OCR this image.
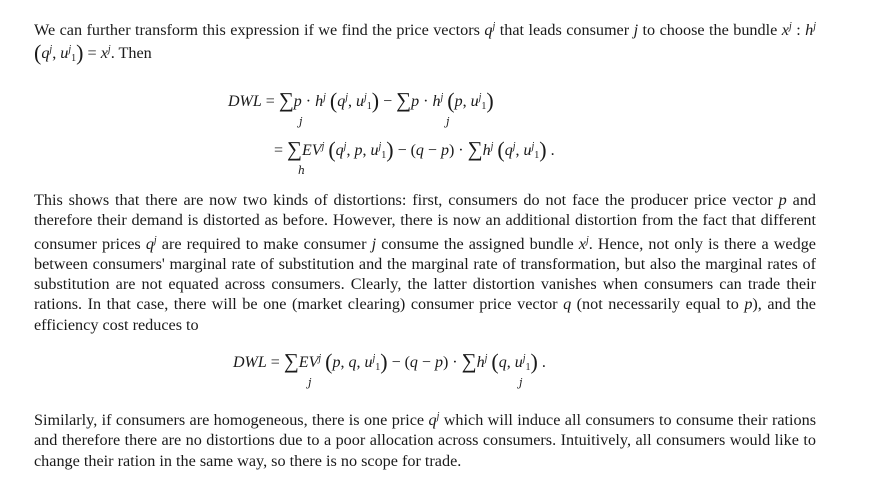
We can further transform this expression if we find the price vectors $q^j$ that leads consumer j to choose the bundle $x^j$ : $h^j$ ($q^j$, $u^j_1) = x^j$. Then

DWL = $\sum p \cdot h^j$ ($q^j$, $u^j_1) - \sum p \cdot h^j$ (p, $u^j_1$)
j	j
= $\sum EV^j$ ($q^j$, p, $u^j_1) - (q - p) \cdot \sum h^j$ ($q^j$, $u^j_1$) .
h

This shows that there are now two kinds of distortions: first, consumers do not face the producer price vector p and therefore their demand is distorted as before. However, there is now an additional distortion from the fact that different consumer prices $q^j$ are required to make consumer j consume the assigned bundle $x^j$. Hence, not only is there a wedge between consumers' marginal rate of substitution and the marginal rate of transformation, but also the marginal rates of substitution are not equated across consumers. Clearly, the latter distortion vanishes when consumers can trade their rations. In that case, there will be one (market clearing) consumer price vector q (not necessarily equal to p), and the efficiency cost reduces to

DWL = $\sum EV^j$ (p, q, $u^j_1) - (q - p) \cdot \sum h^j$ (q, $u^j_1$) .
j	j

Similarly, if consumers are homogeneous, there is one price $q^j$ which will induce all consumers to consume their rations and therefore there are no distortions due to a poor allocation across consumers. Intuitively, all consumers would like to change their ration in the same way, so there is no scope for trade.
